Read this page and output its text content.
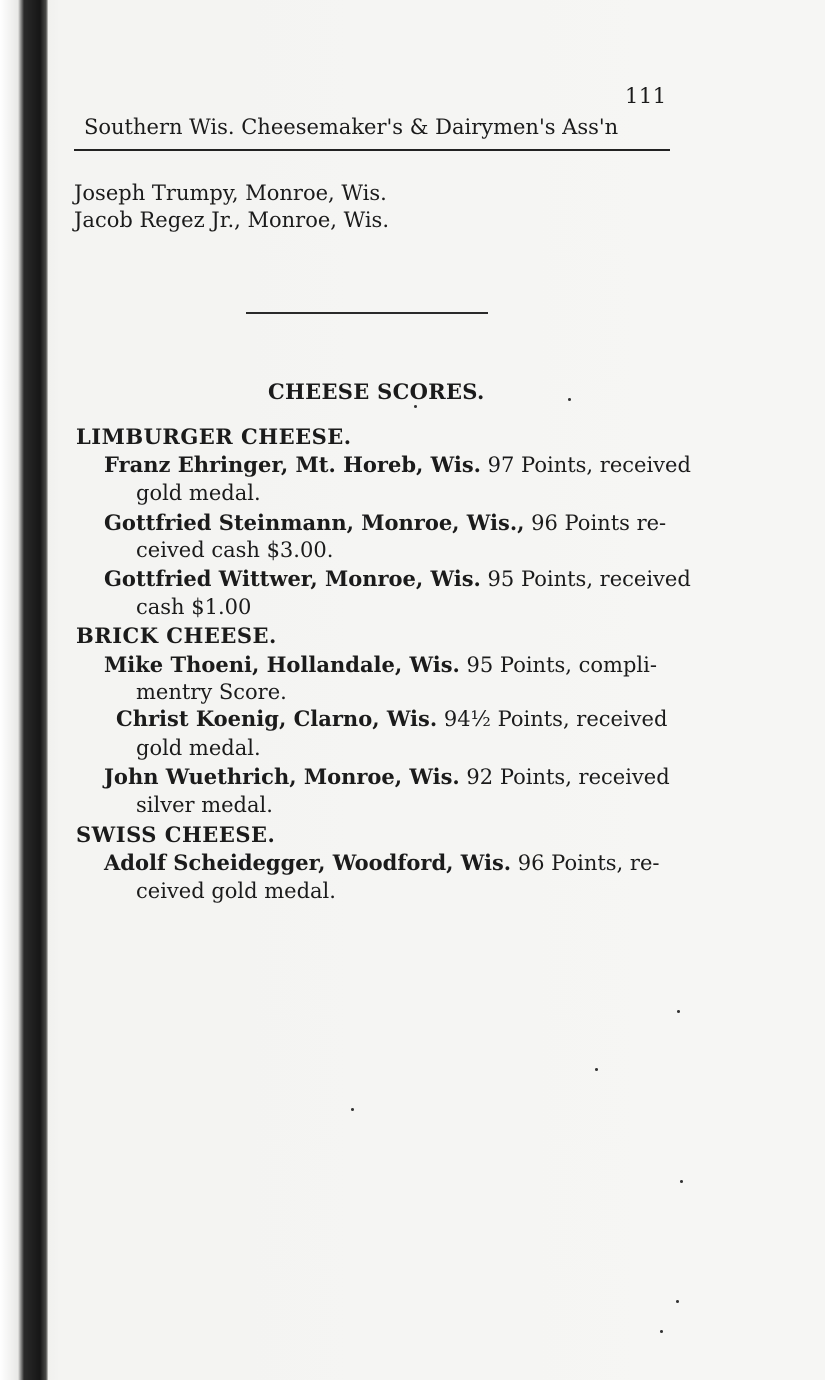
111
Southern Wis. Cheesemaker's & Dairymen's Ass'n
Joseph Trumpy, Monroe, Wis.
Jacob Regez Jr., Monroe, Wis.
CHEESE SCORES.
LIMBURGER CHEESE.
Franz Ehringer, Mt. Horeb, Wis. 97 Points, received
gold medal.
Gottfried Steinmann, Monroe, Wis., 96 Points re-
ceived cash $3.00.
Gottfried Wittwer, Monroe, Wis. 95 Points, received
cash $1.00
BRICK CHEESE.
Mike Thoeni, Hollandale, Wis. 95 Points, compli-
mentry Score.
Christ Koenig, Clarno, Wis. 94½ Points, received
gold medal.
John Wuethrich, Monroe, Wis. 92 Points, received
silver medal.
SWISS CHEESE.
Adolf Scheidegger, Woodford, Wis. 96 Points, re-
ceived gold medal.
